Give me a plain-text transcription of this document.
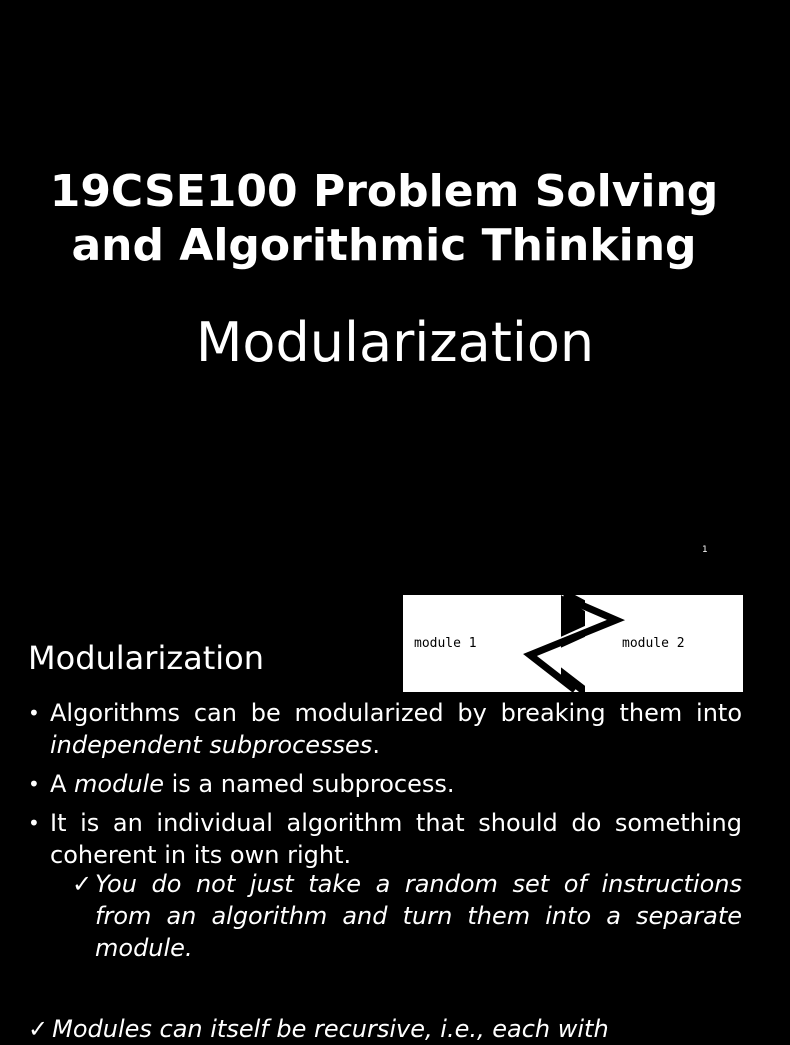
19CSE100 Problem Solving
and Algorithmic Thinking
Modularization
1
Modularization	module 1	module 2
• Algorithms can be modularized by breaking them into independent subprocesses.
• A module is a named subprocess.
• It is an individual algorithm that should do something coherent in its own right.
✓ You do not just take a random set of instructions from an algorithm and turn them into a separate module.
✓ Modules can itself be recursive, i.e., each with
